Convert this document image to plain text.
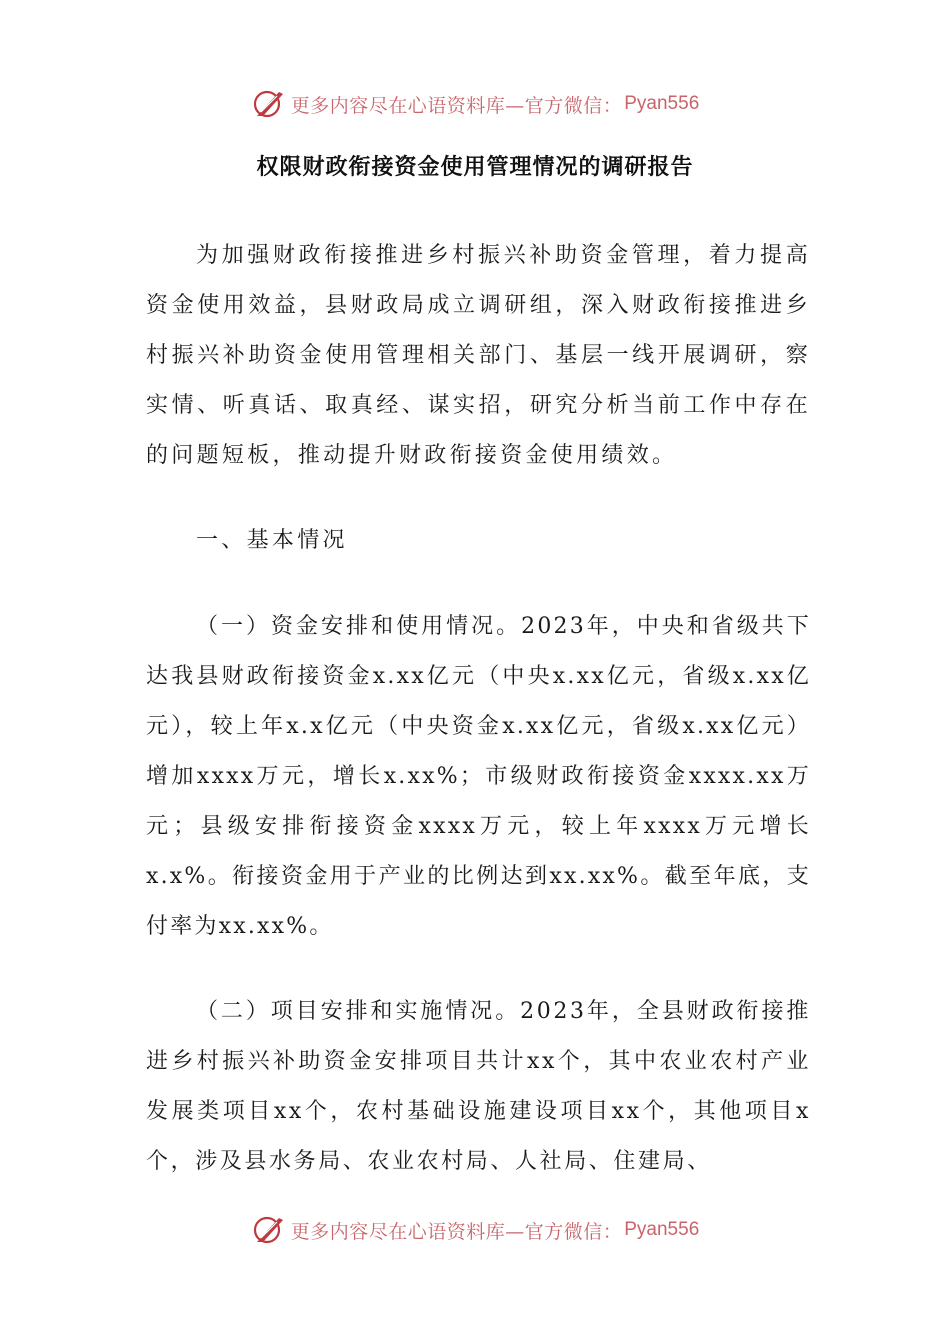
更多内容尽在心语资料库—官方微信： Pyan556
权限财政衔接资金使用管理情况的调研报告

为加强财政衔接推进乡村振兴补助资金管理，着力提高资金使用效益，县财政局成立调研组，深入财政衔接推进乡村振兴补助资金使用管理相关部门、基层一线开展调研，察实情、听真话、取真经、谋实招，研究分析当前工作中存在的问题短板，推动提升财政衔接资金使用绩效。

一、基本情况

（一）资金安排和使用情况。2023年，中央和省级共下达我县财政衔接资金x.xx亿元（中央x.xx亿元，省级x.xx亿元），较上年x.x亿元（中央资金x.xx亿元，省级x.xx亿元）增加xxxx万元，增长x.xx%；市级财政衔接资金xxxx.xx万元；县级安排衔接资金xxxx万元，较上年xxxx万元增长x.x%。衔接资金用于产业的比例达到xx.xx%。截至年底，支付率为xx.xx%。

（二）项目安排和实施情况。2023年，全县财政衔接推进乡村振兴补助资金安排项目共计xx个，其中农业农村产业发展类项目xx个，农村基础设施建设项目xx个，其他项目x个，涉及县水务局、农业农村局、人社局、住建局、

更多内容尽在心语资料库—官方微信： Pyan556
